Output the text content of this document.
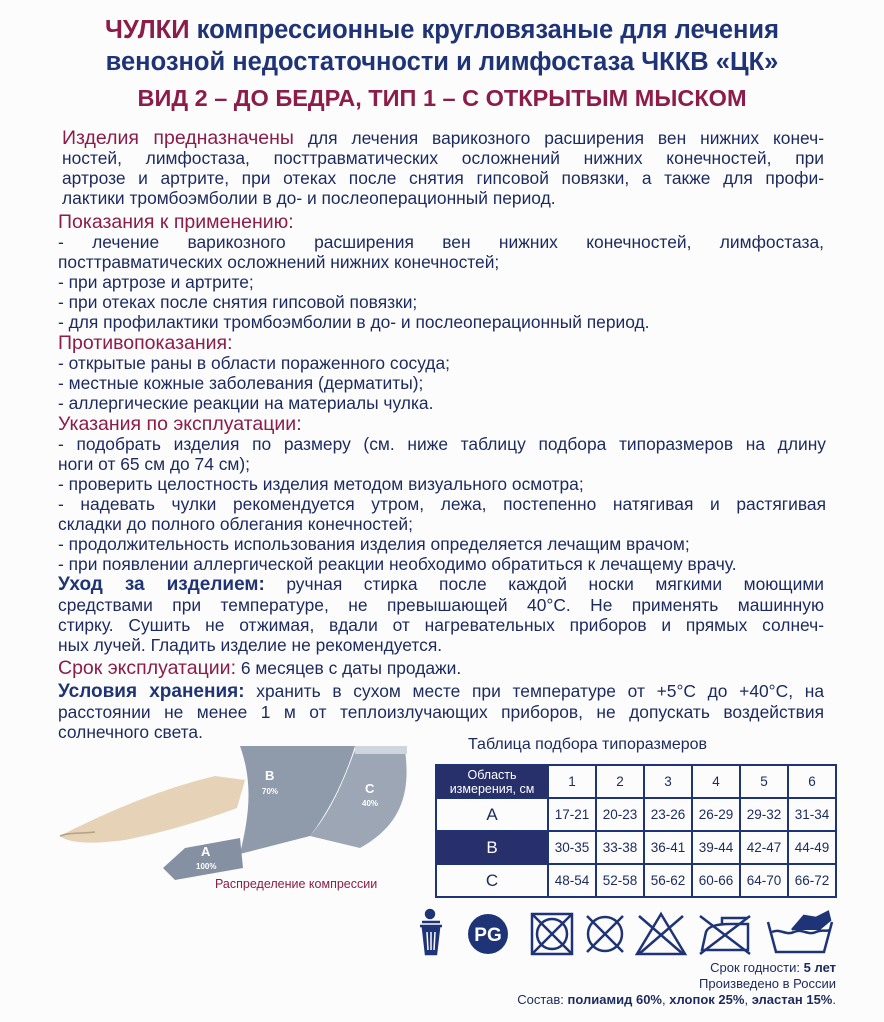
ЧУЛКИ компрессионные кругловязаные для лечения
венозной недостаточности и лимфостаза ЧККВ «ЦК»
ВИД 2 – ДО БЕДРА, ТИП 1 – С ОТКРЫТЫМ МЫСКОМ

Изделия предназначены для лечения варикозного расширения вен нижних конеч-

ностей, лимфостаза, посттравматических осложнений нижних конечностей, при

артрозе и артрите, при отеках после снятия гипсовой повязки, а также для профи-

лактики тромбоэмболии в до- и послеоперационный период.

Показания к применению:

- лечение варикозного расширения вен нижних конечностей, лимфостаза,

посттравматических осложнений нижних конечностей;

- при артрозе и артрите;

- при отеках после снятия гипсовой повязки;

- для профилактики тромбоэмболии в до- и послеоперационный период.

Противопоказания:

- открытые раны в области пораженного сосуда;

- местные кожные заболевания (дерматиты);

- аллергические реакции на материалы чулка.

Указания по эксплуатации:

- подобрать изделия по размеру (см. ниже таблицу подбора типоразмеров на длину

ноги от 65 см до 74 см);

- проверить целостность изделия методом визуального осмотра;

- надевать чулки рекомендуется утром, лежа, постепенно натягивая и растягивая

складки до полного облегания конечностей;

- продолжительность использования изделия определяется лечащим врачом;

- при появлении аллергической реакции необходимо обратиться к лечащему врачу.

Уход за изделием: ручная стирка после каждой носки мягкими моющими

средствами при температуре, не превышающей 40°С. Не применять машинную

стирку. Сушить не отжимая, вдали от нагревательных приборов и прямых солнеч-

ных лучей. Гладить изделие не рекомендуется.

Срок эксплуатации: 6 месяцев с даты продажи.

Условия хранения: хранить в сухом месте при температуре от +5°С до +40°С, на

расстоянии не менее 1 м от теплоизлучающих приборов, не допускать воздействия

солнечного света.

B
70%	C
40%
A
100%
Распределение компрессии
Таблица подбора типоразмеров
Область измерения, см	1	2	3	4	5	6
A	17-21	20-23	23-26	26-29	29-32	31-34
B	30-35	33-38	36-41	39-44	42-47	44-49
C	48-54	52-58	56-62	60-66	64-70	66-72
PG
Срок годности: 5 лет
Произведено в России
Состав: полиамид 60%, хлопок 25%, эластан 15%.
